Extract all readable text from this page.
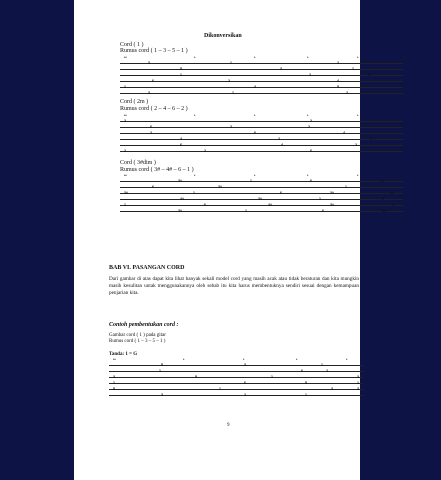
Dikonversikan
Cord ( 1 )
Rumus cord ( 1 – 3 – 5 – 1 )
**	*	*	*	*
3	1	2
5	3	1
1	2	3
6	2	4
1	4	5
3	1	2
Cord ( 2m )
Rumus cord ( 2 – 4 – 6 – 2 )
**	*	*	*	*
2	2
6	2	2
2	6	4
4	2	6
6	4	2
2	2	6
Cord ( 3#dim )
Rumus cord ( 3# – 4# – 6 – 1 )
**	*	*	*	*
3#	1	6	3#
6	3#	1
3#	1	6	3#	3#
4#	3#	1	6
1	6	4#	3#	1
3#	1	6	4#
BAB VI. PASANGAN CORD

Dari gambar di atas dapat kita lihat banyak sekali model cord yang masih acak atau tidak beraturan dan kita mungkin masih kesulitan untak menggunakannya oleh sebab itu kita harus membentuknya sendiri sesuai dengan kemampuan penjarian kita.

Contoh pembentukan cord :
Gambar cord ( 1 ) pada gitar
Rumus cord ( 1 – 3 – 5 – 1 )
Tanda: 1 = G
**	*	*	*	*
5	3	1
1	6	2
3	5	1	3
1	6	5	1
5	1	3	3
3	2	1
9
